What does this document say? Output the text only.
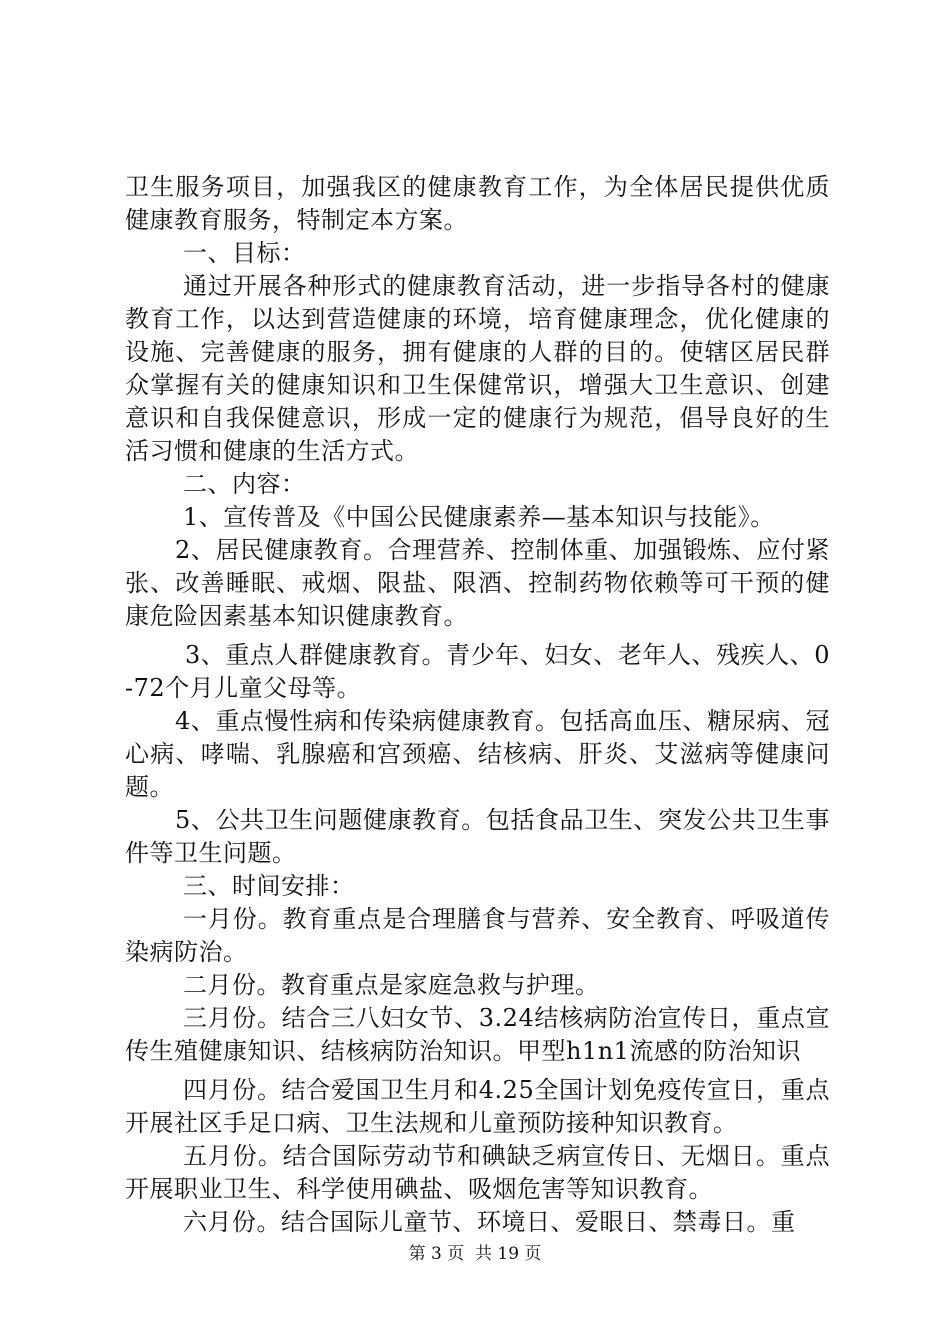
卫生服务项目，加强我区的健康教育工作，为全体居民提供优质健康教育服务，特制定本方案。

一、目标：

通过开展各种形式的健康教育活动，进一步指导各村的健康教育工作，以达到营造健康的环境，培育健康理念，优化健康的设施、完善健康的服务，拥有健康的人群的目的。使辖区居民群众掌握有关的健康知识和卫生保健常识，增强大卫生意识、创建意识和自我保健意识，形成一定的健康行为规范，倡导良好的生活习惯和健康的生活方式。

二、内容：

1、宣传普及《中国公民健康素养—基本知识与技能》。

2、居民健康教育。合理营养、控制体重、加强锻炼、应付紧张、改善睡眠、戒烟、限盐、限酒、控制药物依赖等可干预的健康危险因素基本知识健康教育。

3、重点人群健康教育。青少年、妇女、老年人、残疾人、0-72个月儿童父母等。

4、重点慢性病和传染病健康教育。包括高血压、糖尿病、冠心病、哮喘、乳腺癌和宫颈癌、结核病、肝炎、艾滋病等健康问题。

5、公共卫生问题健康教育。包括食品卫生、突发公共卫生事件等卫生问题。

三、时间安排：

一月份。教育重点是合理膳食与营养、安全教育、呼吸道传染病防治。

二月份。教育重点是家庭急救与护理。

三月份。结合三八妇女节、3.24结核病防治宣传日，重点宣传生殖健康知识、结核病防治知识。甲型h1n1流感的防治知识

四月份。结合爱国卫生月和4.25全国计划免疫传宣日，重点开展社区手足口病、卫生法规和儿童预防接种知识教育。

五月份。结合国际劳动节和碘缺乏病宣传日、无烟日。重点开展职业卫生、科学使用碘盐、吸烟危害等知识教育。

六月份。结合国际儿童节、环境日、爱眼日、禁毒日。重

第 3 页  共 19 页
